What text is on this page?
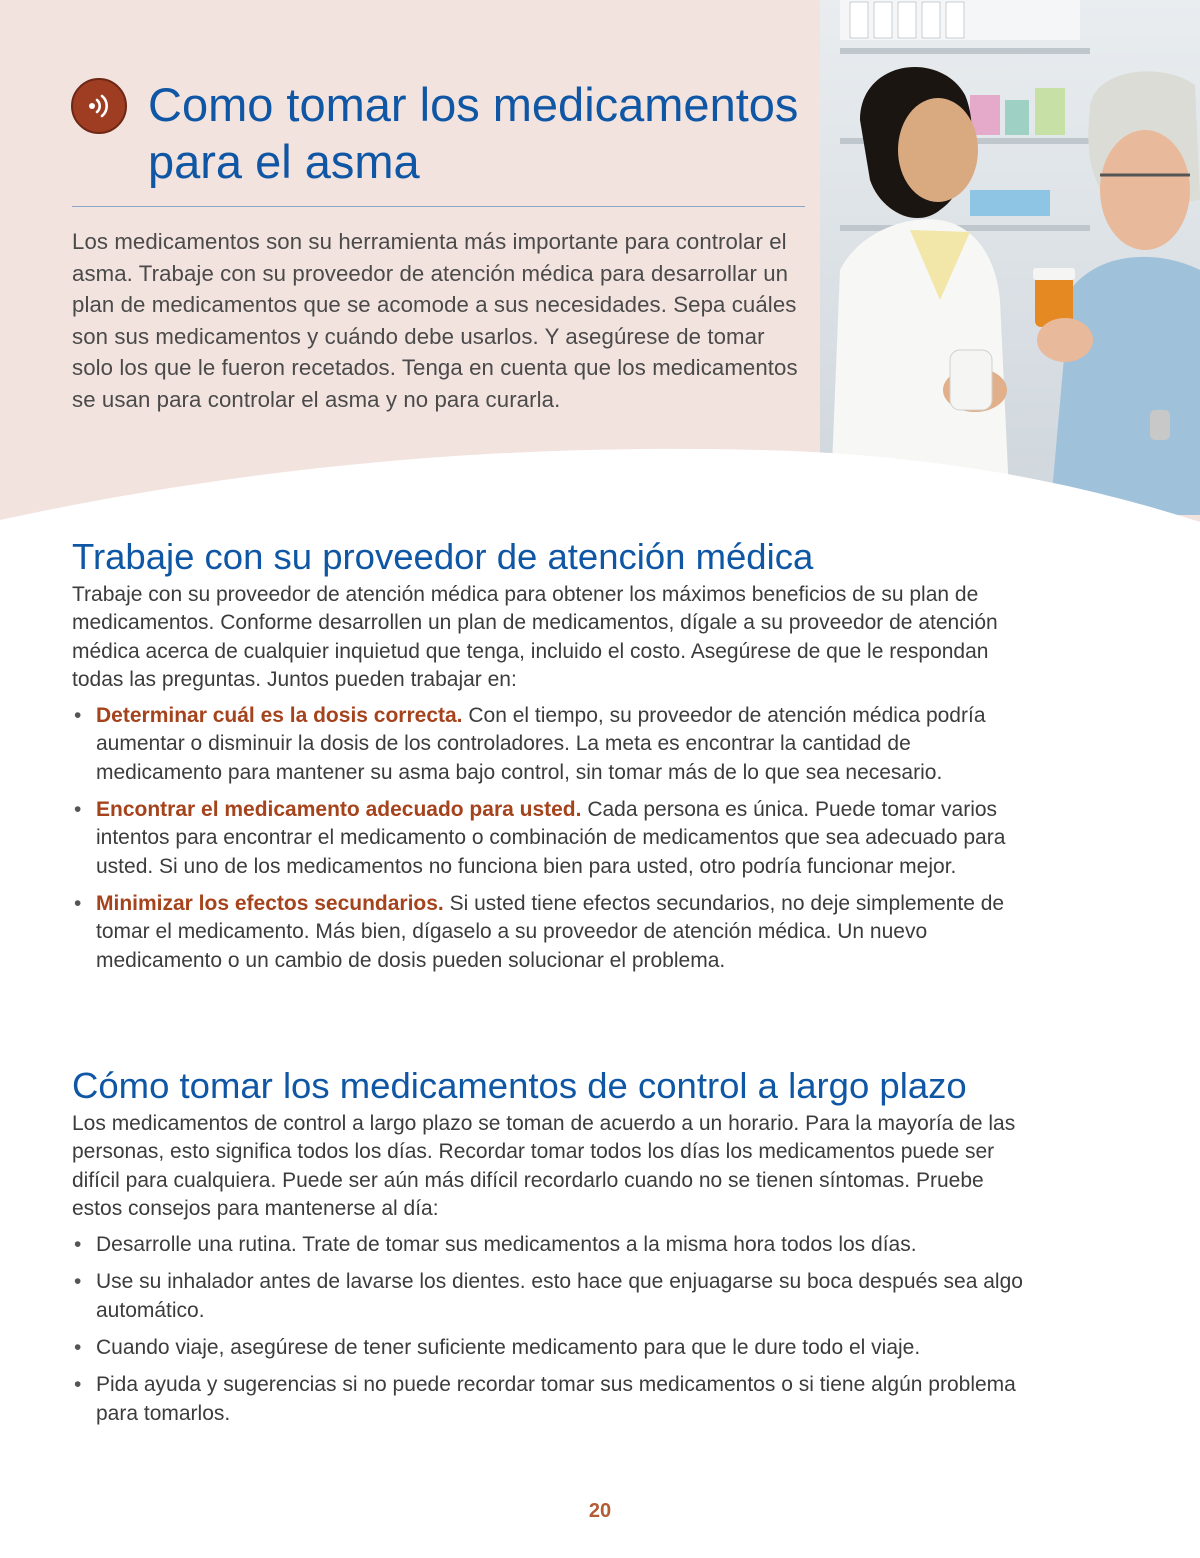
Como tomar los medicamentos para el asma

Los medicamentos son su herramienta más importante para controlar el asma. Trabaje con su proveedor de atención médica para desarrollar un plan de medicamentos que se acomode a sus necesidades. Sepa cuáles son sus medicamentos y cuándo debe usarlos. Y asegúrese de tomar solo los que le fueron recetados. Tenga en cuenta que los medicamentos se usan para controlar el asma y no para curarla.

Trabaje con su proveedor de atención médica

Trabaje con su proveedor de atención médica para obtener los máximos beneficios de su plan de medicamentos. Conforme desarrollen un plan de medicamentos, dígale a su proveedor de atención médica acerca de cualquier inquietud que tenga, incluido el costo. Asegúrese de que le respondan todas las preguntas. Juntos pueden trabajar en:

• Determinar cuál es la dosis correcta. Con el tiempo, su proveedor de atención médica podría aumentar o disminuir la dosis de los controladores. La meta es encontrar la cantidad de medicamento para mantener su asma bajo control, sin tomar más de lo que sea necesario.
• Encontrar el medicamento adecuado para usted. Cada persona es única. Puede tomar varios intentos para encontrar el medicamento o combinación de medicamentos que sea adecuado para usted. Si uno de los medicamentos no funciona bien para usted, otro podría funcionar mejor.
• Minimizar los efectos secundarios. Si usted tiene efectos secundarios, no deje simplemente de tomar el medicamento. Más bien, dígaselo a su proveedor de atención médica. Un nuevo medicamento o un cambio de dosis pueden solucionar el problema.
Cómo tomar los medicamentos de control a largo plazo

Los medicamentos de control a largo plazo se toman de acuerdo a un horario. Para la mayoría de las personas, esto significa todos los días. Recordar tomar todos los días los medicamentos puede ser difícil para cualquiera. Puede ser aún más difícil recordarlo cuando no se tienen síntomas. Pruebe estos consejos para mantenerse al día:

• Desarrolle una rutina. Trate de tomar sus medicamentos a la misma hora todos los días.
• Use su inhalador antes de lavarse los dientes. esto hace que enjuagarse su boca después sea algo automático.
• Cuando viaje, asegúrese de tener suficiente medicamento para que le dure todo el viaje.
• Pida ayuda y sugerencias si no puede recordar tomar sus medicamentos o si tiene algún problema para tomarlos.
20
